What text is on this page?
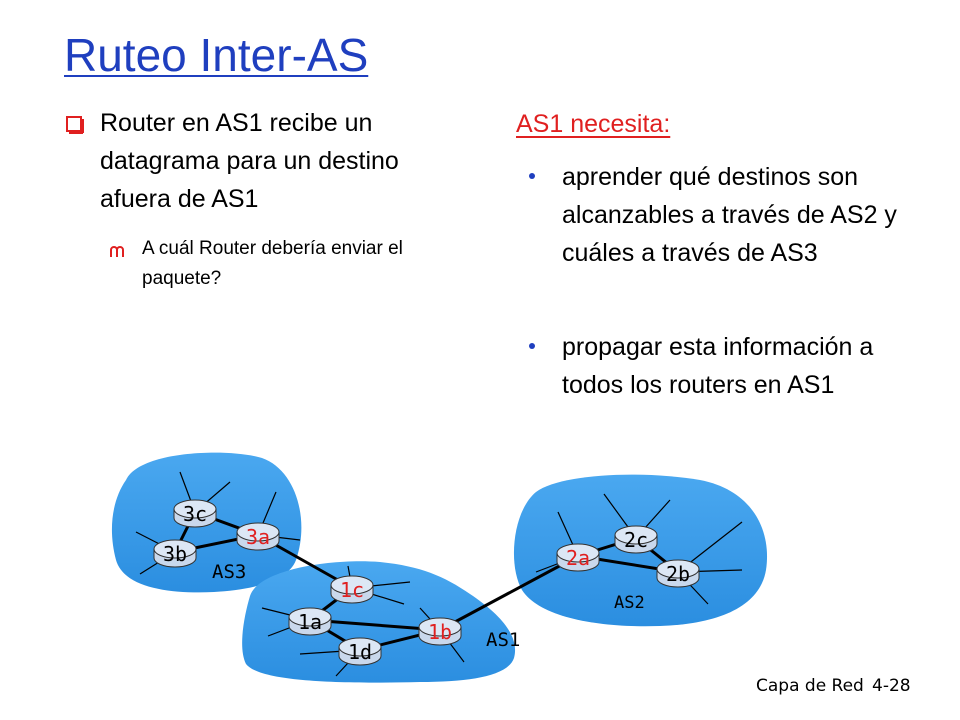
Ruteo Inter-AS
Router en AS1 recibe un datagrama para un destino afuera de AS1
A cuál Router debería enviar el paquete?
AS1 necesita:
aprender qué destinos son alcanzables a través de AS2 y cuáles a través de AS3
propagar esta información a todos los routers en AS1
3c
3a
3b
1c
1a
1d
1b
2a
2c
2b
AS3
AS1
AS2
Capa de Red 4-28
